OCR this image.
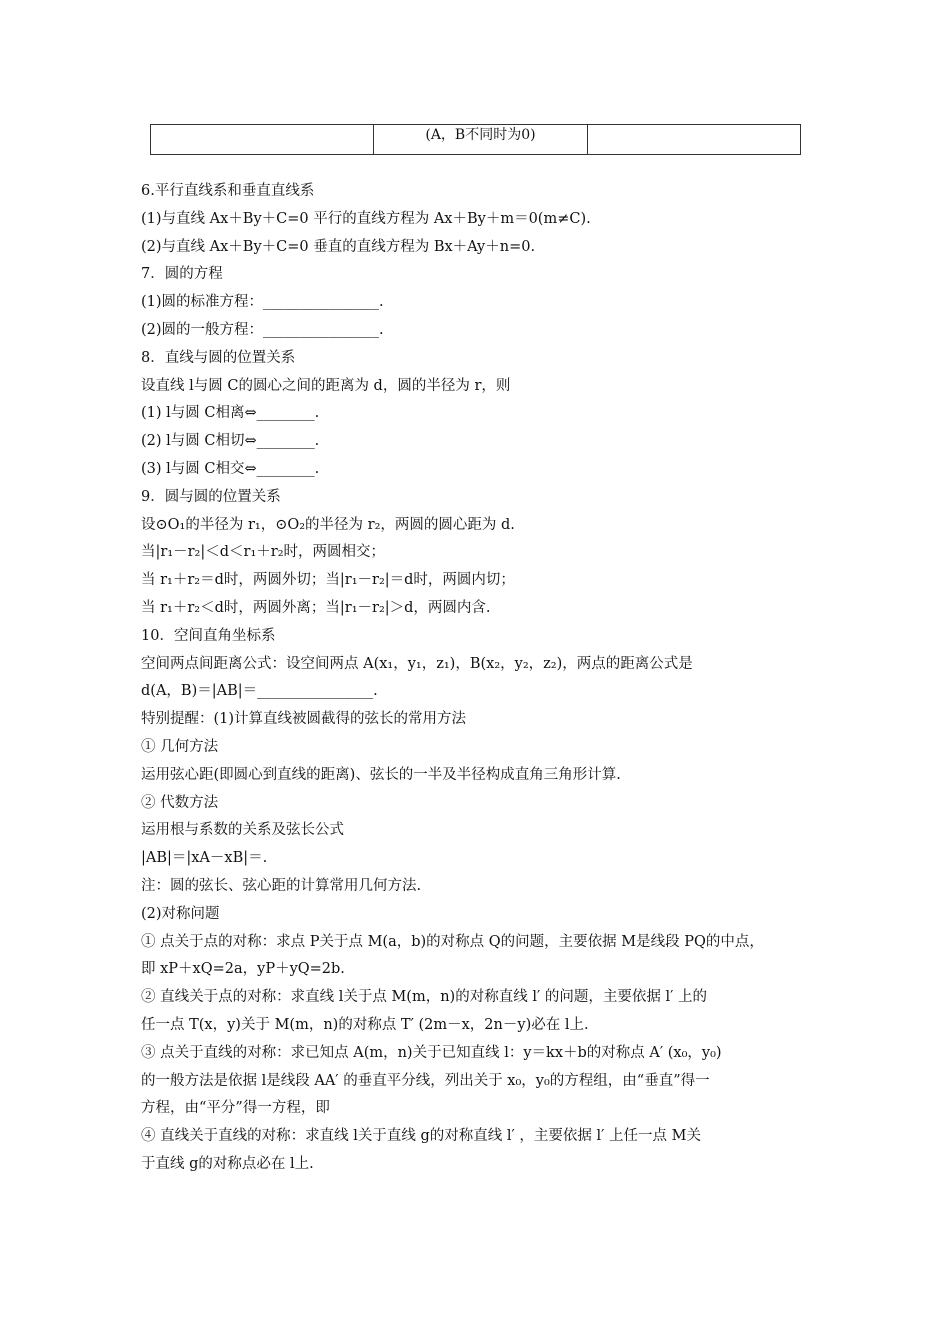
	(A，B不同时为0)	
6.平行直线系和垂直直线系
(1)与直线 Ax＋By＋C=0 平行的直线方程为 Ax＋By＋m＝0(m≠C).
(2)与直线 Ax＋By＋C=0 垂直的直线方程为 Bx＋Ay＋n=0.
7．圆的方程
(1)圆的标准方程：________________.
(2)圆的一般方程：________________.
8．直线与圆的位置关系
设直线 l与圆 C的圆心之间的距离为 d，圆的半径为 r，则
(1) l与圆 C相离⇔________.
(2) l与圆 C相切⇔________.
(3) l与圆 C相交⇔________.
9．圆与圆的位置关系
设⊙O₁的半径为 r₁，⊙O₂的半径为 r₂，两圆的圆心距为 d.
当|r₁－r₂|＜d＜r₁＋r₂时，两圆相交；
当 r₁＋r₂＝d时，两圆外切；当|r₁－r₂|＝d时，两圆内切；
当 r₁＋r₂＜d时，两圆外离；当|r₁－r₂|＞d，两圆内含.
10．空间直角坐标系
空间两点间距离公式：设空间两点 A(x₁，y₁，z₁)，B(x₂，y₂，z₂)，两点的距离公式是
d(A，B)＝|AB|＝________________.
特别提醒：(1)计算直线被圆截得的弦长的常用方法
① 几何方法
运用弦心距(即圆心到直线的距离)、弦长的一半及半径构成直角三角形计算.
② 代数方法
运用根与系数的关系及弦长公式
|AB|＝|xA－xB|＝.
注：圆的弦长、弦心距的计算常用几何方法.
(2)对称问题
① 点关于点的对称：求点 P关于点 M(a，b)的对称点 Q的问题，主要依据 M是线段 PQ的中点，
即 xP＋xQ=2a，yP＋yQ=2b.
② 直线关于点的对称：求直线 l关于点 M(m，n)的对称直线 l′ 的问题，主要依据 l′ 上的
任一点 T(x，y)关于 M(m，n)的对称点 T′ (2m－x，2n－y)必在 l上.
③ 点关于直线的对称：求已知点 A(m，n)关于已知直线 l：y＝kx＋b的对称点 A′ (x₀，y₀)
的一般方法是依据 l是线段 AA′ 的垂直平分线，列出关于 x₀，y₀的方程组，由“垂直”得一
方程，由“平分”得一方程，即
④ 直线关于直线的对称：求直线 l关于直线 g的对称直线 l′ ，主要依据 l′ 上任一点 M关
于直线 g的对称点必在 l上.
